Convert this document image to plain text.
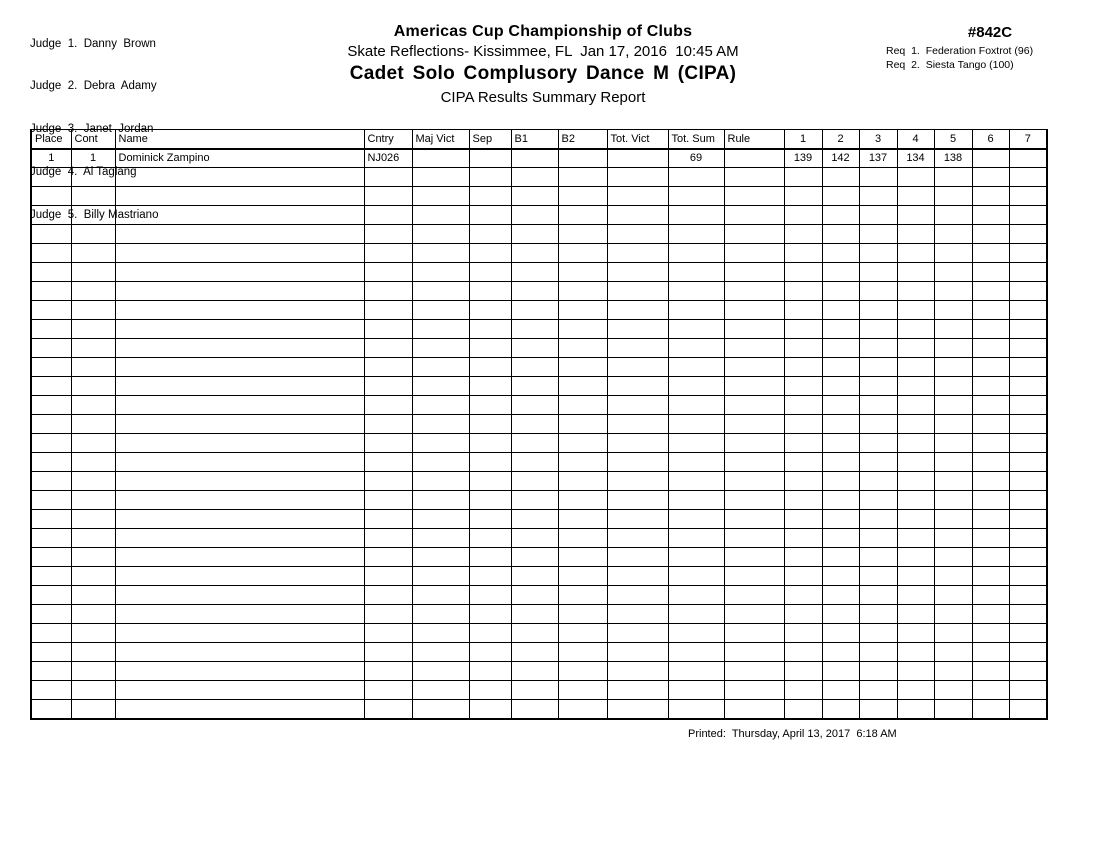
Judge  1.  Danny  Brown

Judge  2.  Debra  Adamy

Judge  3.  Janet  Jordan

Judge  4.  Al Taglang

Judge  5.  Billy Mastriano

Americas Cup Championship of Clubs
Skate Reflections- Kissimmee, FL  Jan 17, 2016  10:45 AM
Cadet Solo Complusory Dance M (CIPA)
CIPA Results Summary Report
#842C
Req  1.  Federation Foxtrot (96)
Req  2.  Siesta Tango (100)
Place	Cont	Name	Cntry	Maj Vict	Sep	B1	B2	Tot. Vict	Tot. Sum	Rule	1	2	3	4	5	6	7
1	1	Dominick Zampino	NJ026						69		139	142	137	134	138		

Printed:  Thursday, April 13, 2017  6:18 AM
